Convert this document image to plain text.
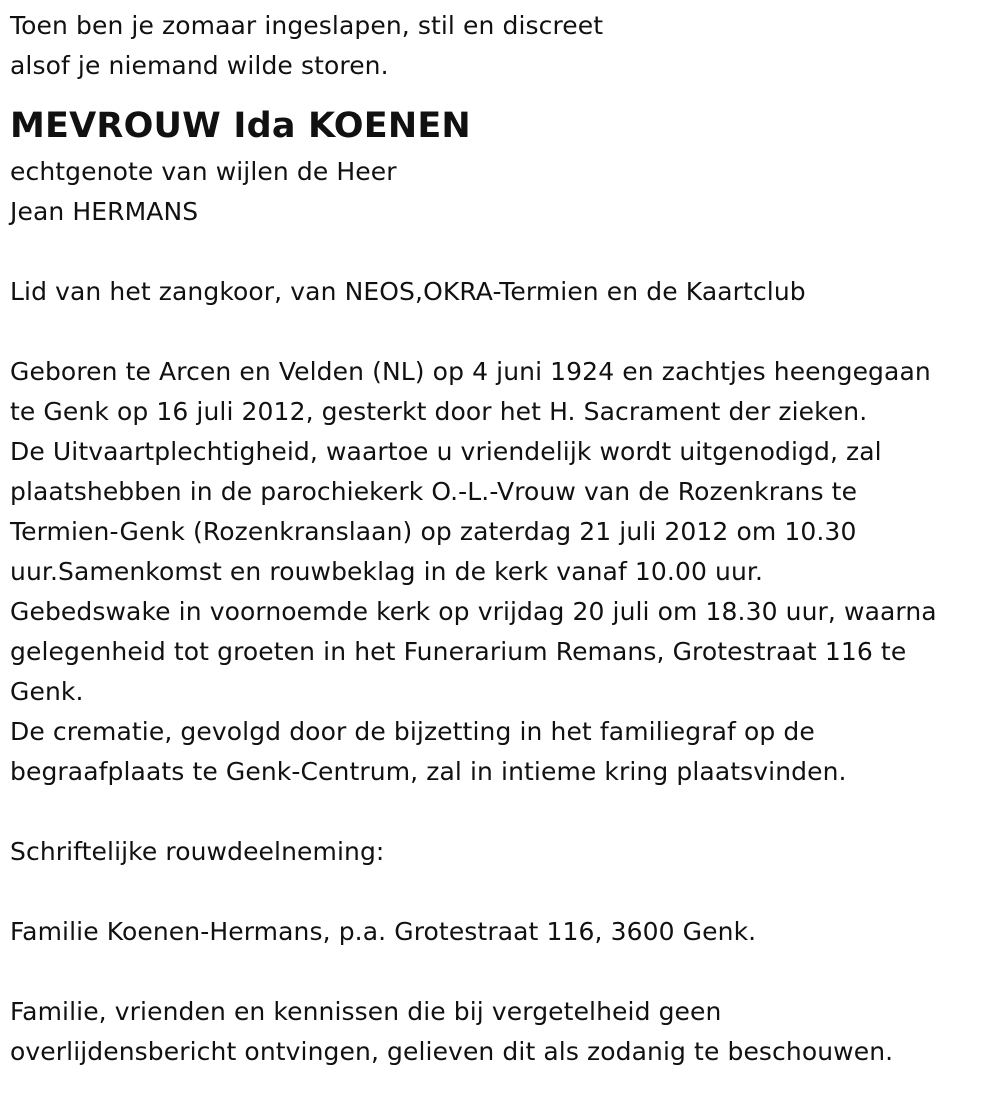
Toen ben je zomaar ingeslapen, stil en discreet
alsof je niemand wilde storen.
MEVROUW Ida KOENEN
echtgenote van wijlen de Heer
Jean HERMANS
Lid van het zangkoor, van NEOS,OKRA-Termien en de Kaartclub
Geboren te Arcen en Velden (NL) op 4 juni 1924 en zachtjes heengegaan
te Genk op 16 juli 2012, gesterkt door het H. Sacrament der zieken.
De Uitvaartplechtigheid, waartoe u vriendelijk wordt uitgenodigd, zal
plaatshebben in de parochiekerk O.-L.-Vrouw van de Rozenkrans te
Termien-Genk (Rozenkranslaan) op zaterdag 21 juli 2012 om 10.30
uur.Samenkomst en rouwbeklag in de kerk vanaf 10.00 uur.
Gebedswake in voornoemde kerk op vrijdag 20 juli om 18.30 uur, waarna
gelegenheid tot groeten in het Funerarium Remans, Grotestraat 116 te
Genk.
De crematie, gevolgd door de bijzetting in het familiegraf op de
begraafplaats te Genk-Centrum, zal in intieme kring plaatsvinden.
Schriftelijke rouwdeelneming:
Familie Koenen-Hermans, p.a. Grotestraat 116, 3600 Genk.
Familie, vrienden en kennissen die bij vergetelheid geen
overlijdensbericht ontvingen, gelieven dit als zodanig te beschouwen.
